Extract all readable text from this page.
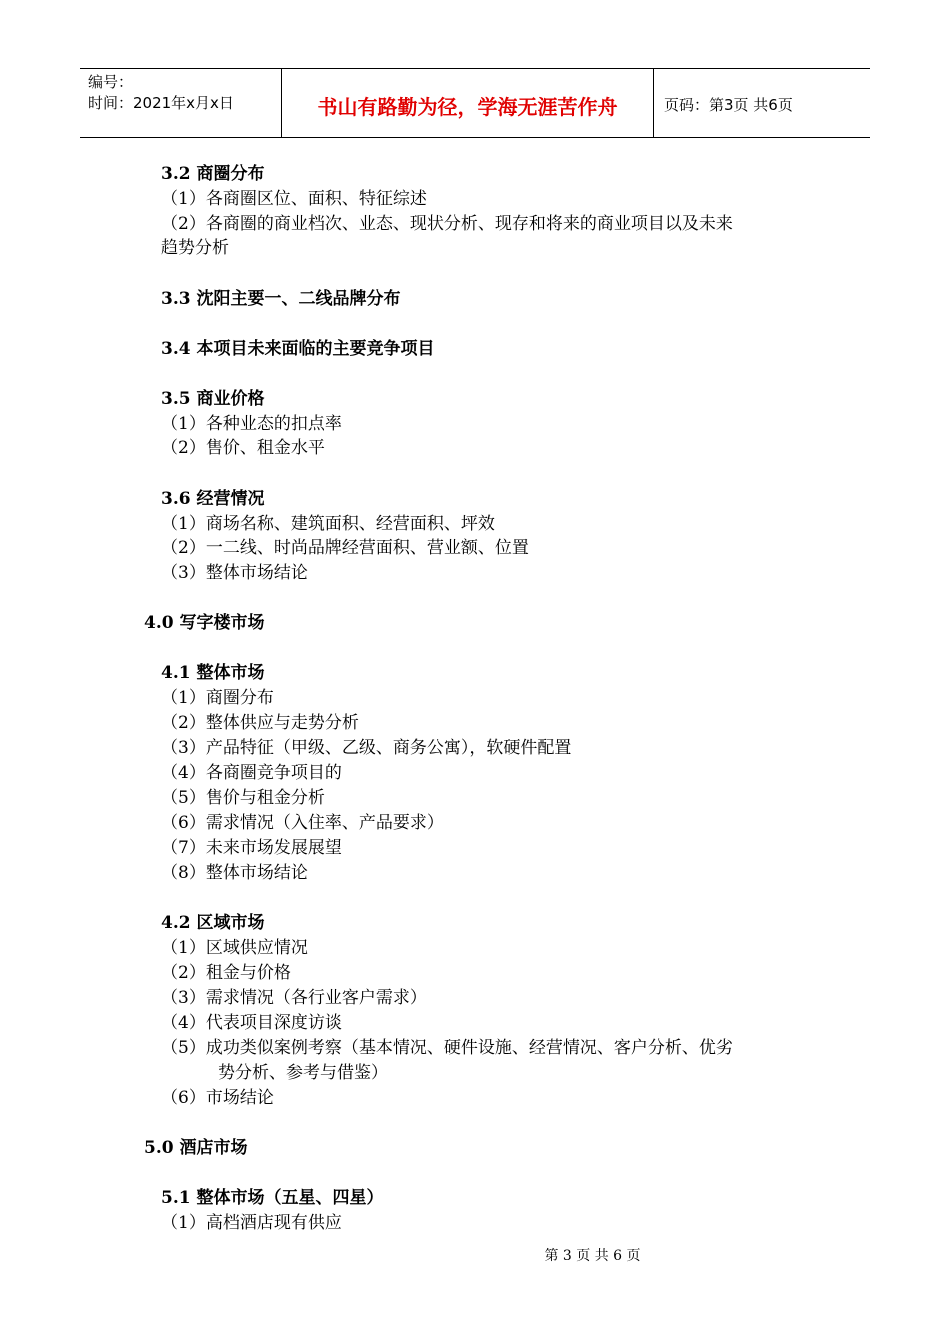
编号：
时间：2021年x月x日	书山有路勤为径，学海无涯苦作舟	页码：第3页 共6页
3.2 商圈分布
（1）各商圈区位、面积、特征综述
（2）各商圈的商业档次、业态、现状分析、现存和将来的商业项目以及未来
趋势分析
3.3 沈阳主要一、二线品牌分布
3.4 本项目未来面临的主要竞争项目
3.5 商业价格
（1）各种业态的扣点率
（2）售价、租金水平
3.6 经营情况
（1）商场名称、建筑面积、经营面积、坪效
（2）一二线、时尚品牌经营面积、营业额、位置
（3）整体市场结论
4.0 写字楼市场
4.1 整体市场
（1）商圈分布
（2）整体供应与走势分析
（3）产品特征（甲级、乙级、商务公寓），软硬件配置
（4）各商圈竞争项目的
（5）售价与租金分析
（6）需求情况（入住率、产品要求）
（7）未来市场发展展望
（8）整体市场结论
4.2 区域市场
（1）区域供应情况
（2）租金与价格
（3）需求情况（各行业客户需求）
（4）代表项目深度访谈
（5）成功类似案例考察（基本情况、硬件设施、经营情况、客户分析、优劣
势分析、参考与借鉴）
（6）市场结论
5.0 酒店市场
5.1 整体市场（五星、四星）
（1）高档酒店现有供应
第 3 页 共 6 页
